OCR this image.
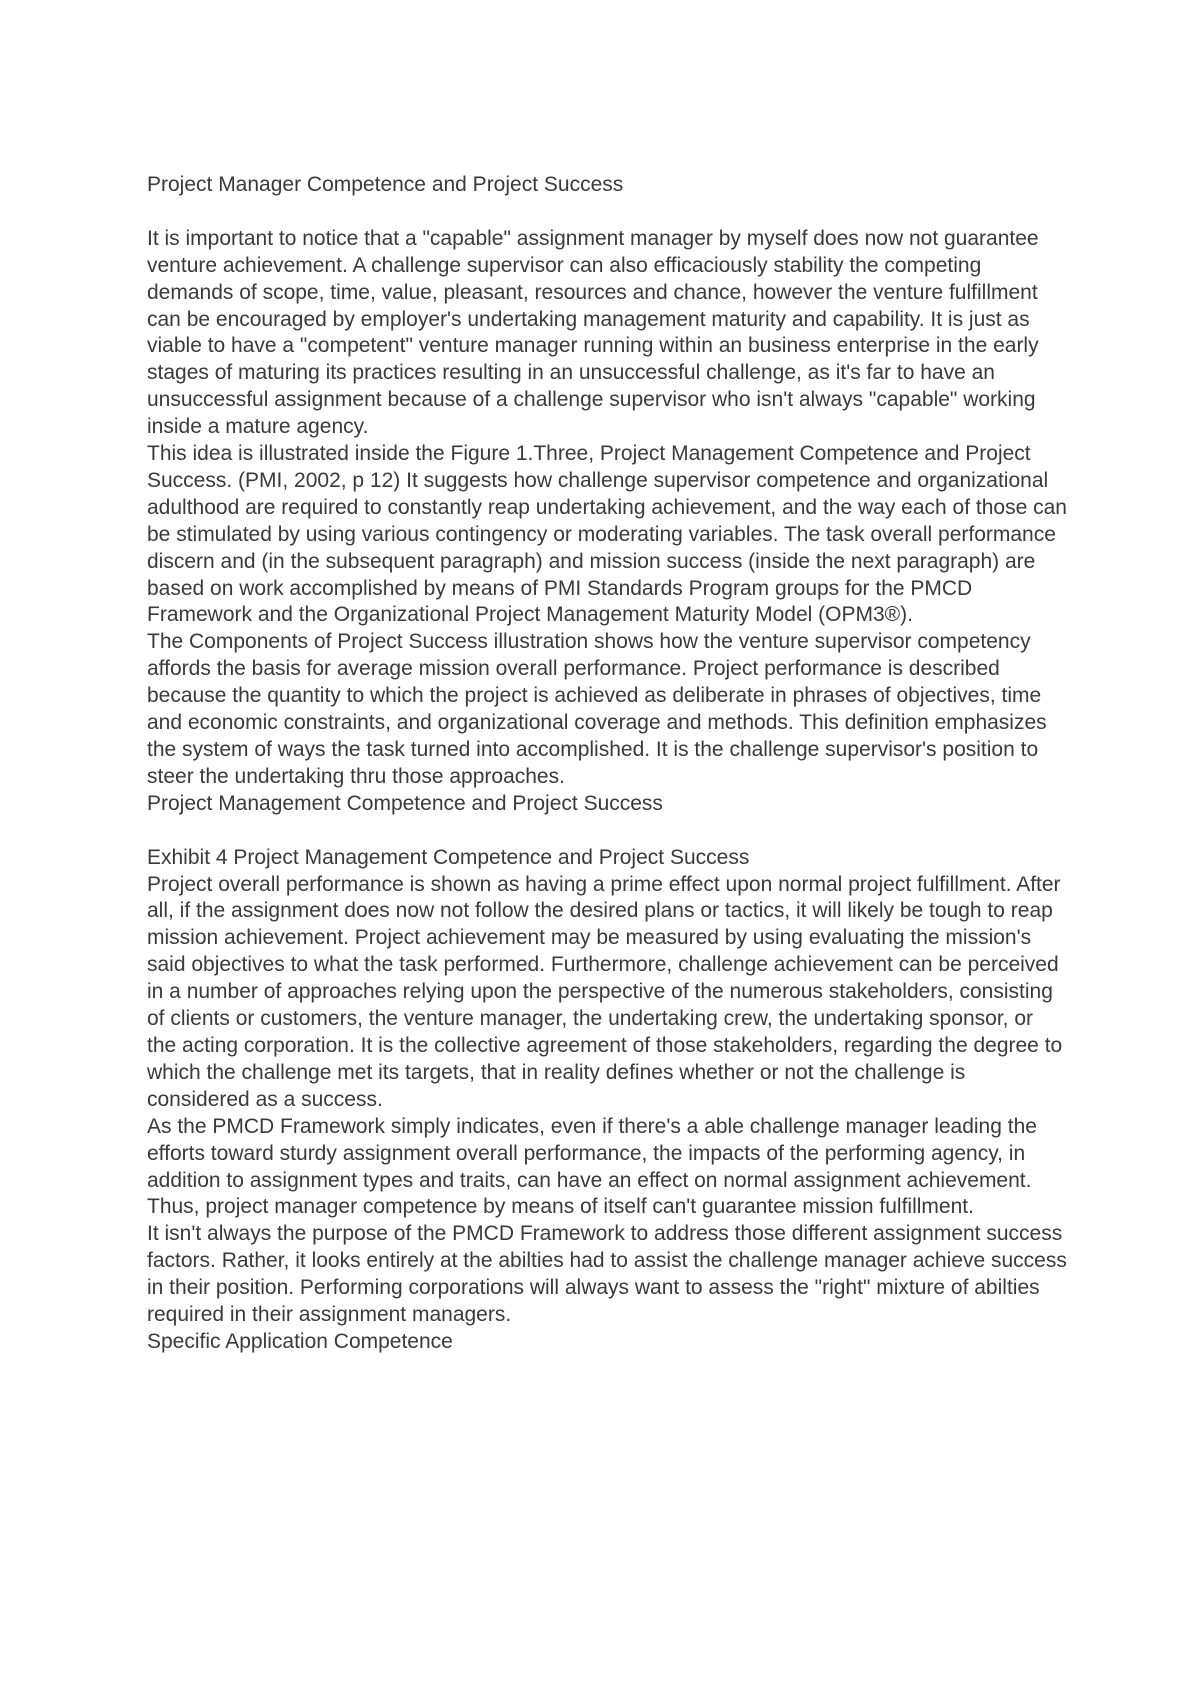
Project Manager Competence and Project Success

It is important to notice that a "capable" assignment manager by myself does now not guarantee venture achievement. A challenge supervisor can also efficaciously stability the competing demands of scope, time, value, pleasant, resources and chance, however the venture fulfillment can be encouraged by employer's undertaking management maturity and capability. It is just as viable to have a "competent" venture manager running within an business enterprise in the early stages of maturing its practices resulting in an unsuccessful challenge, as it's far to have an unsuccessful assignment because of a challenge supervisor who isn't always "capable" working inside a mature agency.

This idea is illustrated inside the Figure 1.Three, Project Management Competence and Project Success. (PMI, 2002, p 12) It suggests how challenge supervisor competence and organizational adulthood are required to constantly reap undertaking achievement, and the way each of those can be stimulated by using various contingency or moderating variables. The task overall performance discern and (in the subsequent paragraph) and mission success (inside the next paragraph) are based on work accomplished by means of PMI Standards Program groups for the PMCD Framework and the Organizational Project Management Maturity Model (OPM3®).

The Components of Project Success illustration shows how the venture supervisor competency affords the basis for average mission overall performance. Project performance is described because the quantity to which the project is achieved as deliberate in phrases of objectives, time and economic constraints, and organizational coverage and methods. This definition emphasizes the system of ways the task turned into accomplished. It is the challenge supervisor's position to steer the undertaking thru those approaches.

Project Management Competence and Project Success

Exhibit 4 Project Management Competence and Project Success

Project overall performance is shown as having a prime effect upon normal project fulfillment. After all, if the assignment does now not follow the desired plans or tactics, it will likely be tough to reap mission achievement. Project achievement may be measured by using evaluating the mission's said objectives to what the task performed. Furthermore, challenge achievement can be perceived in a number of approaches relying upon the perspective of the numerous stakeholders, consisting of clients or customers, the venture manager, the undertaking crew, the undertaking sponsor, or the acting corporation. It is the collective agreement of those stakeholders, regarding the degree to which the challenge met its targets, that in reality defines whether or not the challenge is considered as a success.

As the PMCD Framework simply indicates, even if there's a able challenge manager leading the efforts toward sturdy assignment overall performance, the impacts of the performing agency, in addition to assignment types and traits, can have an effect on normal assignment achievement. Thus, project manager competence by means of itself can't guarantee mission fulfillment.

It isn't always the purpose of the PMCD Framework to address those different assignment success factors. Rather, it looks entirely at the abilties had to assist the challenge manager achieve success in their position. Performing corporations will always want to assess the "right" mixture of abilties required in their assignment managers.

Specific Application Competence
